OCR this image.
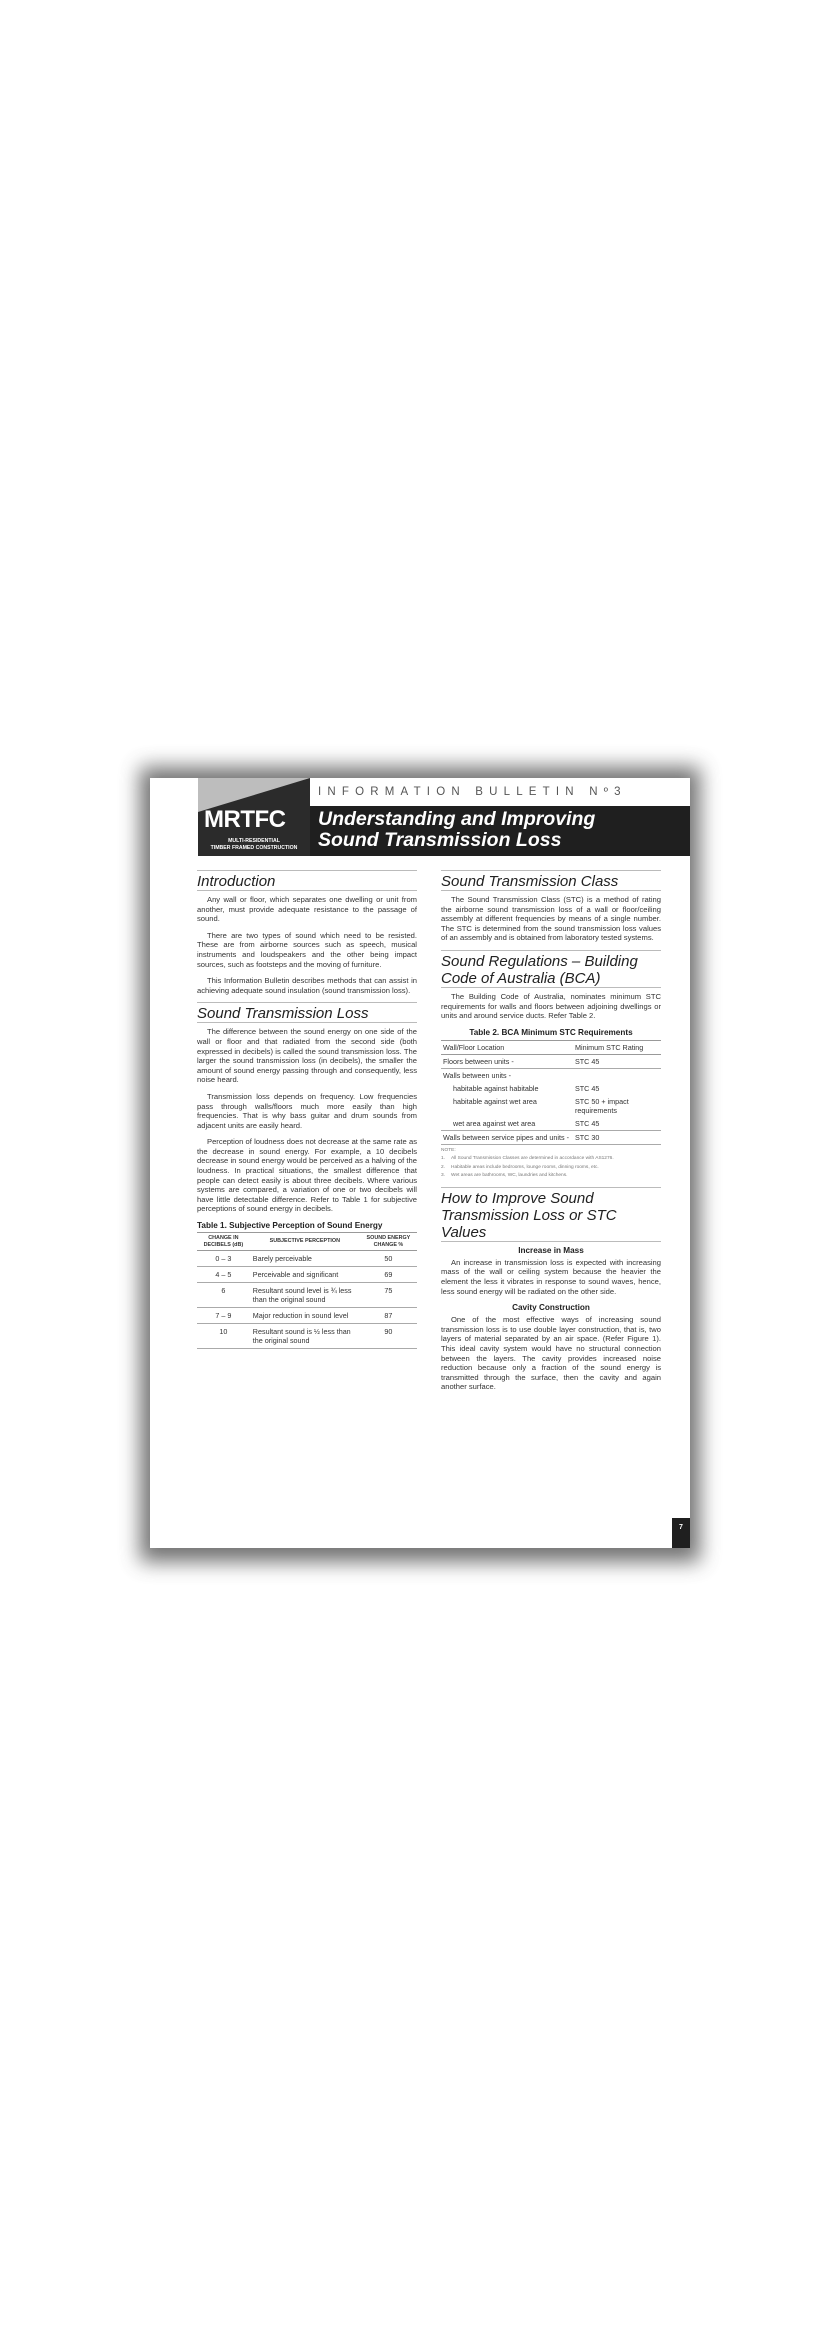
INFORMATION BULLETIN Nº3
Understanding and Improving
Sound Transmission Loss
MRTFC
MULTI-RESIDENTIAL
TIMBER FRAMED CONSTRUCTION
Introduction

Any wall or floor, which separates one dwelling or unit from another, must provide adequate resistance to the passage of sound.

There are two types of sound which need to be resisted. These are from airborne sources such as speech, musical instruments and loudspeakers and the other being impact sources, such as footsteps and the moving of furniture.

This Information Bulletin describes methods that can assist in achieving adequate sound insulation (sound transmission loss).

Sound Transmission Loss

The difference between the sound energy on one side of the wall or floor and that radiated from the second side (both expressed in decibels) is called the sound transmission loss. The larger the sound transmission loss (in decibels), the smaller the amount of sound energy passing through and consequently, less noise heard.

Transmission loss depends on frequency. Low frequencies pass through walls/floors much more easily than high frequencies. That is why bass guitar and drum sounds from adjacent units are easily heard.

Perception of loudness does not decrease at the same rate as the decrease in sound energy. For example, a 10 decibels decrease in sound energy would be perceived as a halving of the loudness. In practical situations, the smallest difference that people can detect easily is about three decibels. Where various systems are compared, a variation of one or two decibels will have little detectable difference. Refer to Table 1 for subjective perceptions of sound energy in decibels.

Table 1. Subjective Perception of Sound Energy
CHANGE IN DECIBELS (dB)	SUBJECTIVE PERCEPTION	SOUND ENERGY CHANGE %
0 – 3	Barely perceivable	50
4 – 5	Perceivable and significant	69
6	Resultant sound level is ¾ less than the original sound	75
7 – 9	Major reduction in sound level	87
10	Resultant sound is ½ less than the original sound	90
Sound Transmission Class

The Sound Transmission Class (STC) is a method of rating the airborne sound transmission loss of a wall or floor/ceiling assembly at different frequencies by means of a single number. The STC is determined from the sound transmission loss values of an assembly and is obtained from laboratory tested systems.

Sound Regulations – Building
Code of Australia (BCA)

The Building Code of Australia, nominates minimum STC requirements for walls and floors between adjoining dwellings or units and around service ducts. Refer Table 2.

Table 2. BCA Minimum STC Requirements
Wall/Floor Location	Minimum STC Rating
Floors between units -	STC 45
Walls between units -	
habitable against habitable	STC 45
habitable against wet area	STC 50 + impact requirements
wet area against wet area	STC 45
Walls between service pipes and units -	STC 30
NOTE:
1. All Sound Transmission Classes are determined in accordance with AS1276.
2. Habitable areas include bedrooms, lounge rooms, dinning rooms, etc.
3. Wet areas are bathrooms, WC, laundries and kitchens.
How to Improve Sound
Transmission Loss or STC Values
Increase in Mass

An increase in transmission loss is expected with increasing mass of the wall or ceiling system because the heavier the element the less it vibrates in response to sound waves, hence, less sound energy will be radiated on the other side.

Cavity Construction

One of the most effective ways of increasing sound transmission loss is to use double layer construction, that is, two layers of material separated by an air space. (Refer Figure 1). This ideal cavity system would have no structural connection between the layers. The cavity provides increased noise reduction because only a fraction of the sound energy is transmitted through the surface, then the cavity and again another surface.

7
